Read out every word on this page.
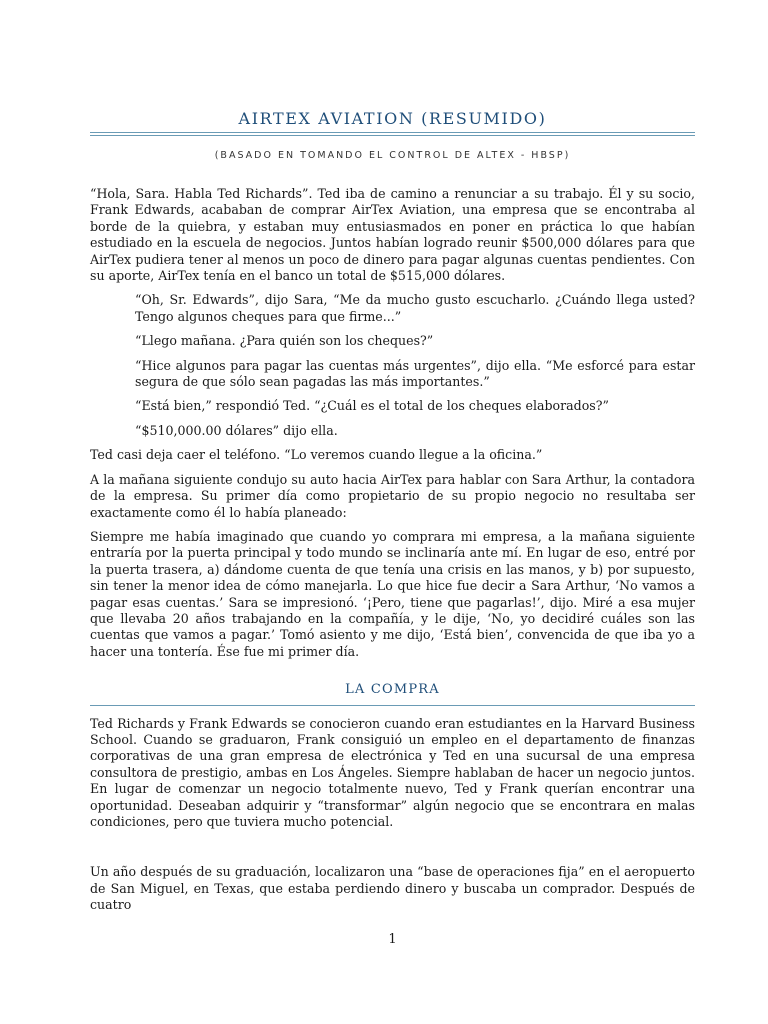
AIRTEX AVIATION (RESUMIDO)
(BASADO EN TOMANDO EL CONTROL DE ALTEX - HBSP)

“Hola, Sara. Habla Ted Richards”. Ted iba de camino a renunciar a su trabajo. Él y su socio, Frank Edwards, acababan de comprar AirTex Aviation, una empresa que se encontraba al borde de la quiebra, y estaban muy entusiasmados en poner en práctica lo que habían estudiado en la escuela de negocios. Juntos habían logrado reunir $500,000 dólares para que AirTex pudiera tener al menos un poco de dinero para pagar algunas cuentas pendientes. Con su aporte, AirTex tenía en el banco un total de $515,000 dólares.

“Oh, Sr. Edwards”, dijo Sara, “Me da mucho gusto escucharlo. ¿Cuándo llega usted? Tengo algunos cheques para que firme...”

“Llego mañana. ¿Para quién son los cheques?”

“Hice algunos para pagar las cuentas más urgentes”, dijo ella. “Me esforcé para estar segura de que sólo sean pagadas las más importantes.”

“Está bien,” respondió Ted. “¿Cuál es el total de los cheques elaborados?”

“$510,000.00 dólares” dijo ella.

Ted casi deja caer el teléfono. “Lo veremos cuando llegue a la oficina.”

A la mañana siguiente condujo su auto hacia AirTex para hablar con Sara Arthur, la contadora de la empresa. Su primer día como propietario de su propio negocio no resultaba ser exactamente como él lo había planeado:

Siempre me había imaginado que cuando yo comprara mi empresa, a la mañana siguiente entraría por la puerta principal y todo mundo se inclinaría ante mí. En lugar de eso, entré por la puerta trasera, a) dándome cuenta de que tenía una crisis en las manos, y b) por supuesto, sin tener la menor idea de cómo manejarla. Lo que hice fue decir a Sara Arthur, ‘No vamos a pagar esas cuentas.’ Sara se impresionó. ‘¡Pero, tiene que pagarlas!’, dijo. Miré a esa mujer que llevaba 20 años trabajando en la compañía, y le dije, ‘No, yo decidiré cuáles son las cuentas que vamos a pagar.’ Tomó asiento y me dijo, ‘Está bien’, convencida de que iba yo a hacer una tontería. Ése fue mi primer día.

LA COMPRA

Ted Richards y Frank Edwards se conocieron cuando eran estudiantes en la Harvard Business School. Cuando se graduaron, Frank consiguió un empleo en el departamento de finanzas corporativas de una gran empresa de electrónica y Ted en una sucursal de una empresa consultora de prestigio, ambas en Los Ángeles. Siempre hablaban de hacer un negocio juntos. En lugar de comenzar un negocio totalmente nuevo, Ted y Frank querían encontrar una oportunidad. Deseaban adquirir y “transformar” algún negocio que se encontrara en malas condiciones, pero que tuviera mucho potencial.

Un año después de su graduación, localizaron una “base de operaciones fija” en el aeropuerto de San Miguel, en Texas, que estaba perdiendo dinero y buscaba un comprador. Después de cuatro

1
